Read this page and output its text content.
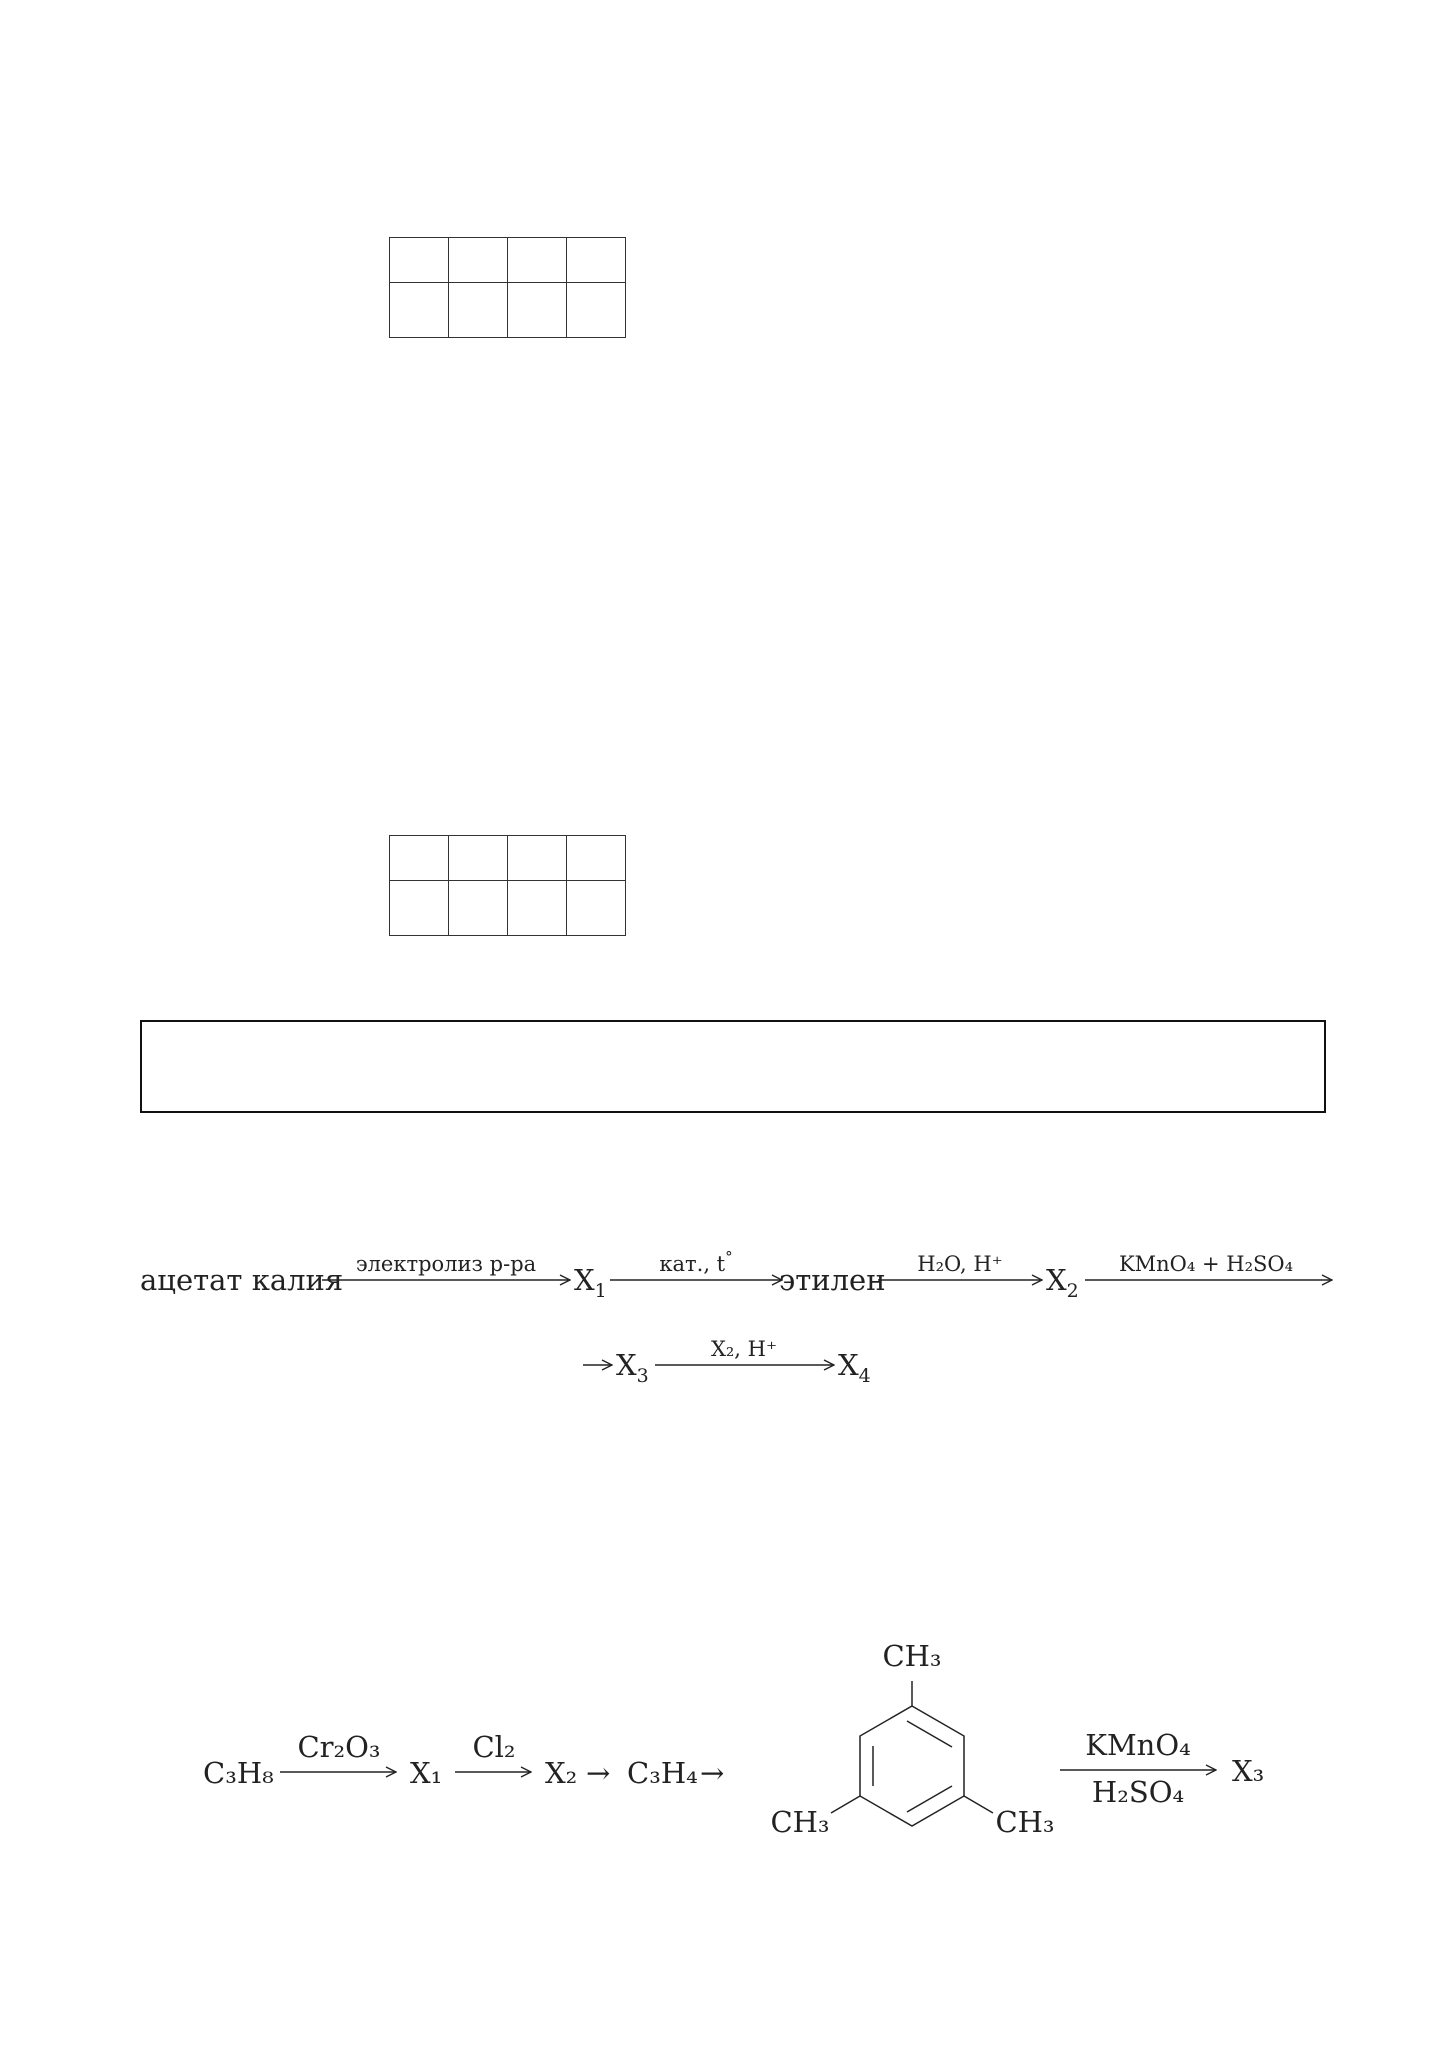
ацетат калия электролиз р-ра $X_1$
кат., t°
этилен H₂O, H⁺ $X_2$
KMnO₄ + H₂SO₄
$X_3$
X₂, H⁺ $X_4$
C₃H₈
Cr₂O₃
X₁
Cl₂
X₂ → C₃H₄ →
CH₃
CH₃	CH₃
KMnO₄
H₂SO₄
X₃
